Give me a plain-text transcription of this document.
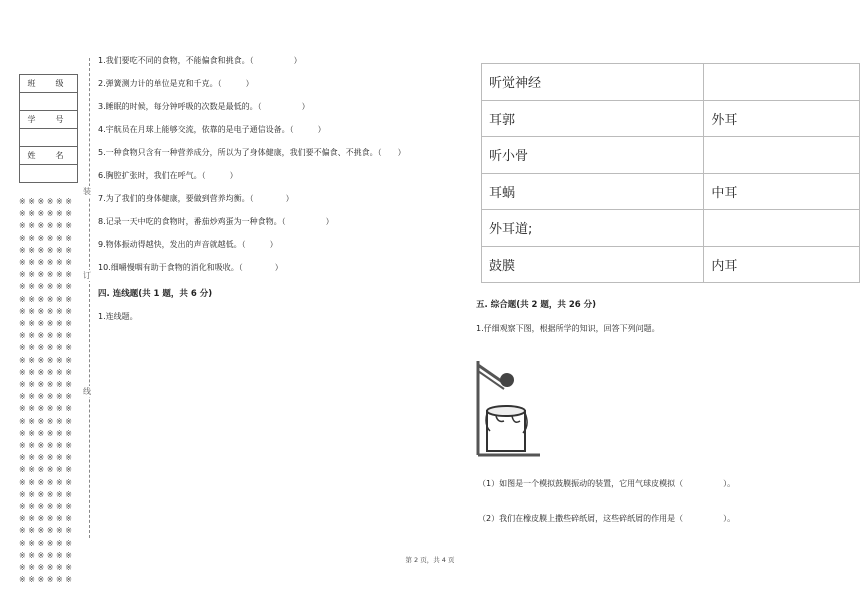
班　级
学　号
姓　名
※ ※ ※ ※ ※ ※
※ ※ ※ ※ ※ ※
※ ※ ※ ※ ※ ※
※ ※ ※ ※ ※ ※
※ ※ ※ ※ ※ ※
※ ※ ※ ※ ※ ※
※ ※ ※ ※ ※ ※
※ ※ ※ ※ ※ ※
※ ※ ※ ※ ※ ※
※ ※ ※ ※ ※ ※
※ ※ ※ ※ ※ ※
※ ※ ※ ※ ※ ※
※ ※ ※ ※ ※ ※
※ ※ ※ ※ ※ ※
※ ※ ※ ※ ※ ※
※ ※ ※ ※ ※ ※
※ ※ ※ ※ ※ ※
※ ※ ※ ※ ※ ※
※ ※ ※ ※ ※ ※
※ ※ ※ ※ ※ ※
※ ※ ※ ※ ※ ※
※ ※ ※ ※ ※ ※
※ ※ ※ ※ ※ ※
※ ※ ※ ※ ※ ※
※ ※ ※ ※ ※ ※
※ ※ ※ ※ ※ ※
※ ※ ※ ※ ※ ※
※ ※ ※ ※ ※ ※
※ ※ ※ ※ ※ ※
※ ※ ※ ※ ※ ※
※ ※ ※ ※ ※ ※
※ ※ ※ ※ ※ ※
装
订
线
1.我们要吃不同的食物，不能偏食和挑食。（　　　　　）
2.弹簧测力计的单位是克和千克。（　　　）
3.睡眠的时候，每分钟呼吸的次数是最低的。（　　　　　）
4.宇航员在月球上能够交流，依靠的是电子通信设备。（　　　）
5.一种食物只含有一种营养成分，所以为了身体健康，我们要不偏食、不挑食。（　　）
6.胸腔扩张时，我们在呼气。（　　　）
7.为了我们的身体健康，要做到营养均衡。（　　　　）
8.记录一天中吃的食物时，番茄炒鸡蛋为一种食物。（　　　　　）
9.物体振动得越快，发出的声音就越低。（　　　）
10.细嚼慢咽有助于食物的消化和吸收。（　　　　）
四. 连线题(共 1 题，共 6 分)
1.连线题。
听觉神经	
耳郭	外耳
听小骨	
耳蜗	中耳
外耳道;	
鼓膜	内耳
五. 综合题(共 2 题，共 26 分)
1.仔细观察下图，根据所学的知识，回答下列问题。
（1）如图是一个模拟鼓膜振动的装置，它用气球皮模拟（　　　　　）。
（2）我们在橡皮膜上撒些碎纸屑，这些碎纸屑的作用是（　　　　　）。
第 2 页，共 4 页
